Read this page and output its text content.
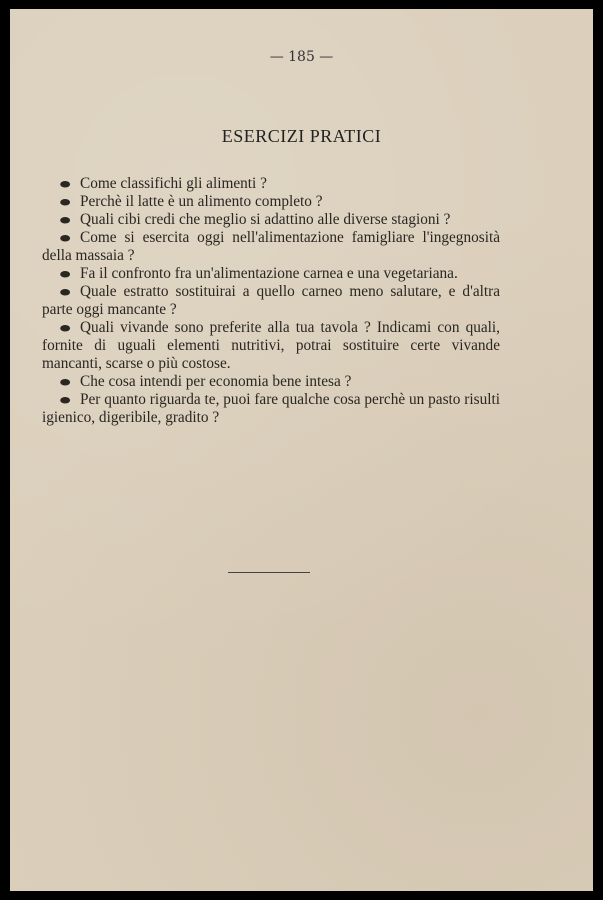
— 185 —
ESERCIZI PRATICI

⬬ Come classifichi gli alimenti ?

⬬ Perchè il latte è un alimento completo ?

⬬ Quali cibi credi che meglio si adattino alle diverse stagioni ?

⬬ Come si esercita oggi nell'alimentazione famigliare l'ingegnosità della massaia ?

⬬ Fa il confronto fra un'alimentazione carnea e una vegetariana.

⬬ Quale estratto sostituirai a quello carneo meno salutare, e d'altra parte oggi mancante ?

⬬ Quali vivande sono preferite alla tua tavola ? Indicami con quali, fornite di uguali elementi nutritivi, potrai sostituire certe vivande mancanti, scarse o più costose.

⬬ Che cosa intendi per economia bene intesa ?

⬬ Per quanto riguarda te, puoi fare qualche cosa perchè un pasto risulti igienico, digeribile, gradito ?
